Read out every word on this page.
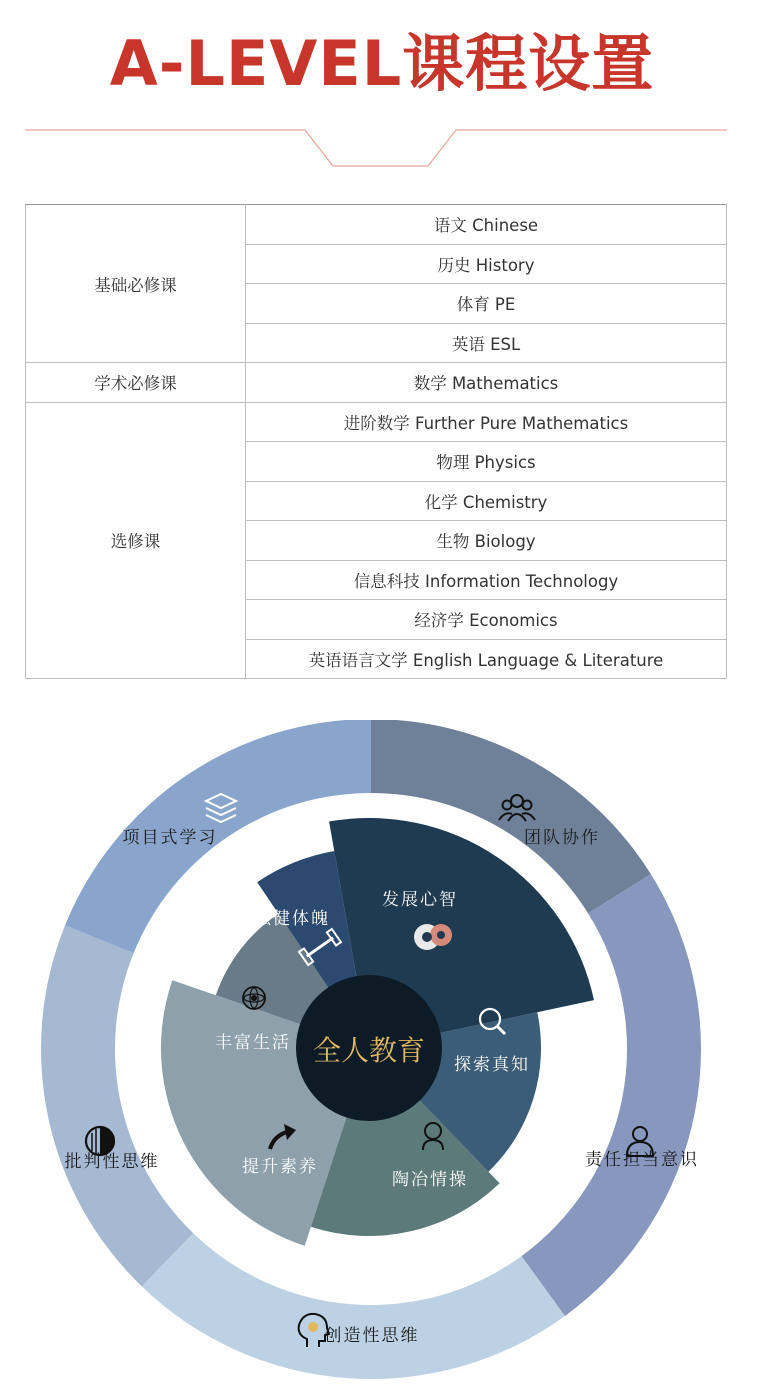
A-LEVEL课程设置
基础必修课	语文 Chinese
	历史 History
	体育 PE
	英语 ESL
学术必修课	数学 Mathematics
选修课	进阶数学 Further Pure Mathematics
	物理 Physics
	化学 Chemistry
	生物 Biology
	信息科技 Information Technology
	经济学 Economics
	英语语言文学 English Language & Literature
全人教育
发展心智
探索真知
陶冶情操
提升素养
丰富生活
强健体魄
团队协作
责任担当意识
创造性思维
批判性思维
项目式学习
